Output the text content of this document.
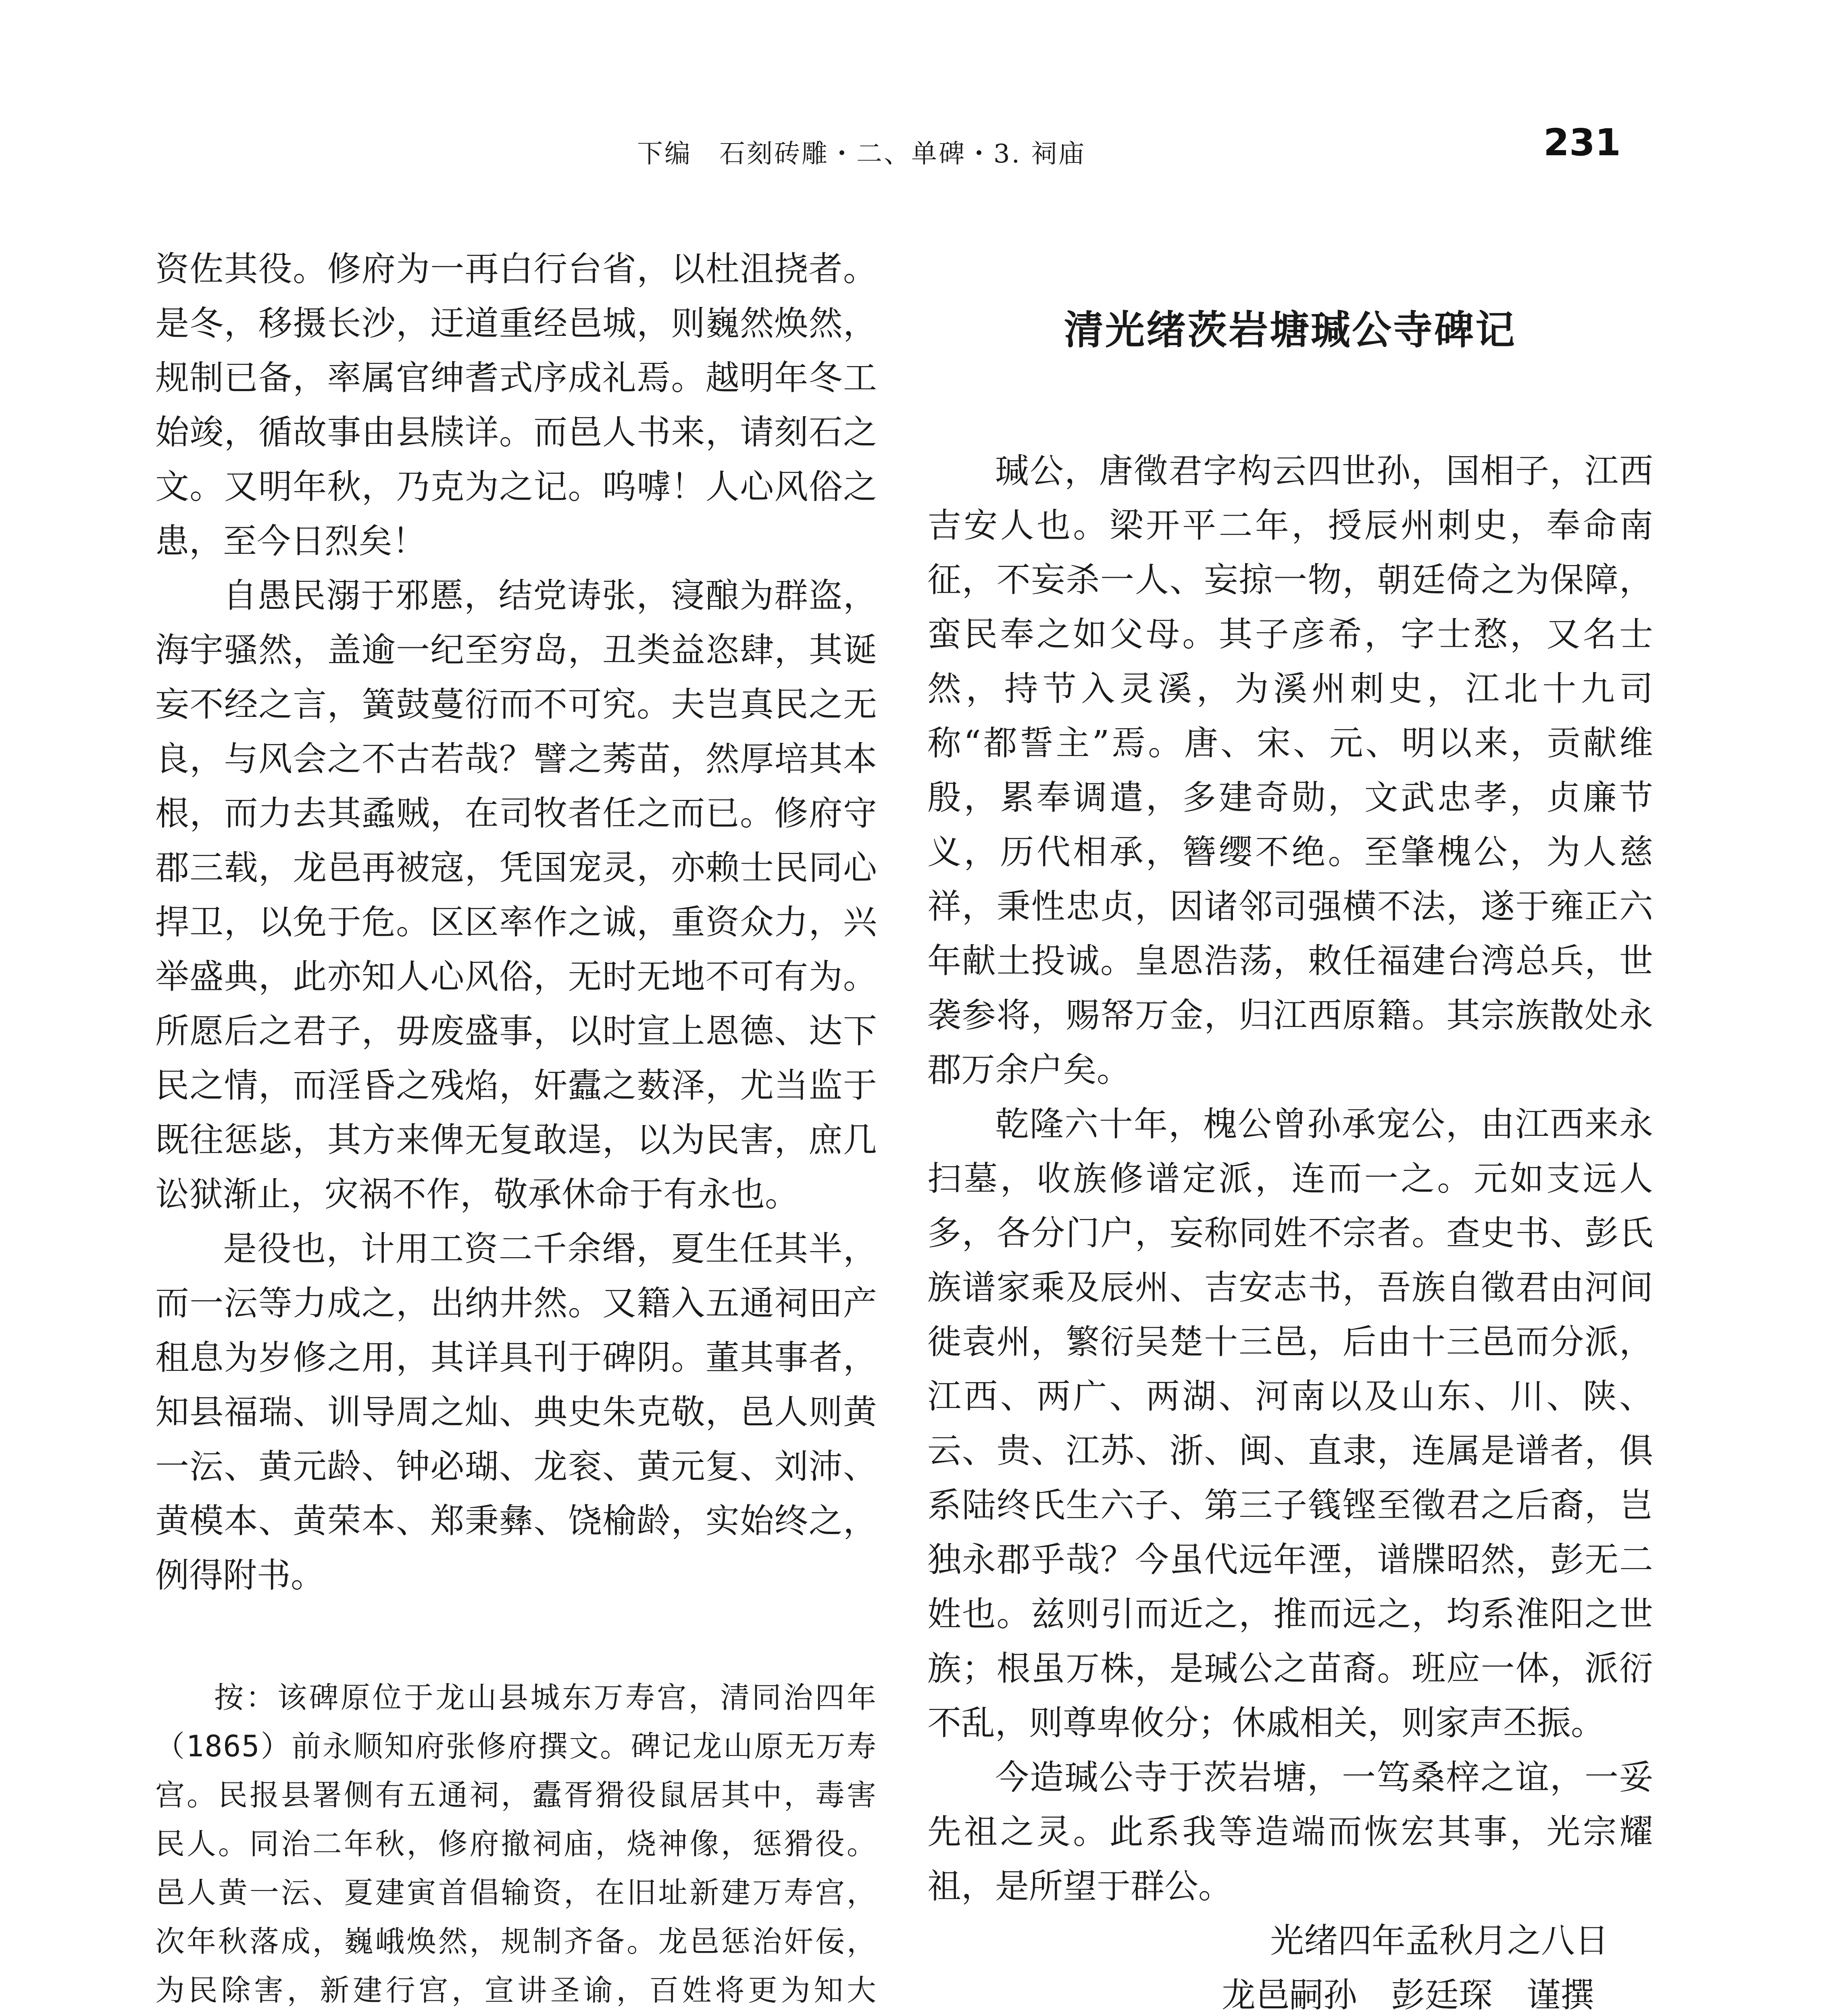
下编　石刻砖雕・二、单碑・3. 祠庙	231

资佐其役。修府为一再白行台省，以杜沮挠者。是冬，移摄长沙，迂道重经邑城，则巍然焕然，规制已备，率属官绅耆式序成礼焉。越明年冬工始竣，循故事由县牍详。而邑人书来，请刻石之文。又明年秋，乃克为之记。呜嘑！人心风俗之患，至今日烈矣！

自愚民溺于邪慝，结党诪张，寖酿为群盗，海宇骚然，盖逾一纪至穷岛，丑类益恣肆，其诞妄不经之言，簧鼓蔓衍而不可究。夫岂真民之无良，与风会之不古若哉？譬之莠苗，然厚培其本根，而力去其蟊贼，在司牧者任之而已。修府守郡三载，龙邑再被寇，凭国宠灵，亦赖士民同心捍卫，以免于危。区区率作之诚，重资众力，兴举盛典，此亦知人心风俗，无时无地不可有为。所愿后之君子，毋废盛事，以时宣上恩德、达下民之情，而淫昏之残焰，奸蠹之薮泽，尤当监于既往惩毖，其方来俾无复敢逞，以为民害，庶几讼狱渐止，灾祸不作，敬承休命于有永也。

是役也，计用工资二千余缗，夏生任其半，而一沄等力成之，出纳井然。又籍入五通祠田产租息为岁修之用，其详具刊于碑阴。董其事者，知县福瑞、训导周之灿、典史朱克敬，邑人则黄一沄、黄元龄、钟必瑚、龙衮、黄元复、刘沛、黄模本、黄荣本、郑秉彝、饶榆龄，实始终之，例得附书。

按：该碑原位于龙山县城东万寿宫，清同治四年（1865）前永顺知府张修府撰文。碑记龙山原无万寿宫。民报县署侧有五通祠，蠹胥猾役鼠居其中，毒害民人。同治二年秋，修府撤祠庙，烧神像，惩猾役。邑人黄一沄、夏建寅首倡输资，在旧址新建万寿宫，次年秋落成，巍峨焕然，规制齐备。龙邑惩治奸佞，为民除害，新建行宫，宣讲圣谕，百姓将更为知大

清光绪茨岩塘瑊公寺碑记

瑊公，唐徵君字构云四世孙，国相子，江西吉安人也。梁开平二年，授辰州刺史，奉命南征，不妄杀一人、妄掠一物，朝廷倚之为保障，蛮民奉之如父母。其子彦希，字士愗，又名士然，持节入灵溪，为溪州刺史，江北十九司称“都誓主”焉。唐、宋、元、明以来，贡献维殷，累奉调遣，多建奇勋，文武忠孝，贞廉节义，历代相承，簪缨不绝。至肇槐公，为人慈祥，秉性忠贞，因诸邻司强横不法，遂于雍正六年献土投诚。皇恩浩荡，敕任福建台湾总兵，世袭参将，赐帑万金，归江西原籍。其宗族散处永郡万余户矣。

乾隆六十年，槐公曾孙承宠公，由江西来永扫墓，收族修谱定派，连而一之。元如支远人多，各分门户，妄称同姓不宗者。查史书、彭氏族谱家乘及辰州、吉安志书，吾族自徵君由河间徙袁州，繁衍吴楚十三邑，后由十三邑而分派，江西、两广、两湖、河南以及山东、川、陕、云、贵、江苏、浙、闽、直隶，连属是谱者，俱系陆终氏生六子、第三子篯铿至徵君之后裔，岂独永郡乎哉？今虽代远年湮，谱牒昭然，彭无二姓也。兹则引而近之，推而远之，均系淮阳之世族；根虽万株，是瑊公之苗裔。班应一体，派衍不乱，则尊卑攸分；休戚相关，则家声丕振。

今造瑊公寺于茨岩塘，一笃桑梓之谊，一妥先祖之灵。此系我等造端而恢宏其事，光宗耀祖，是所望于群公。

光绪四年孟秋月之八日

龙邑嗣孙　彭廷琛　谨撰
